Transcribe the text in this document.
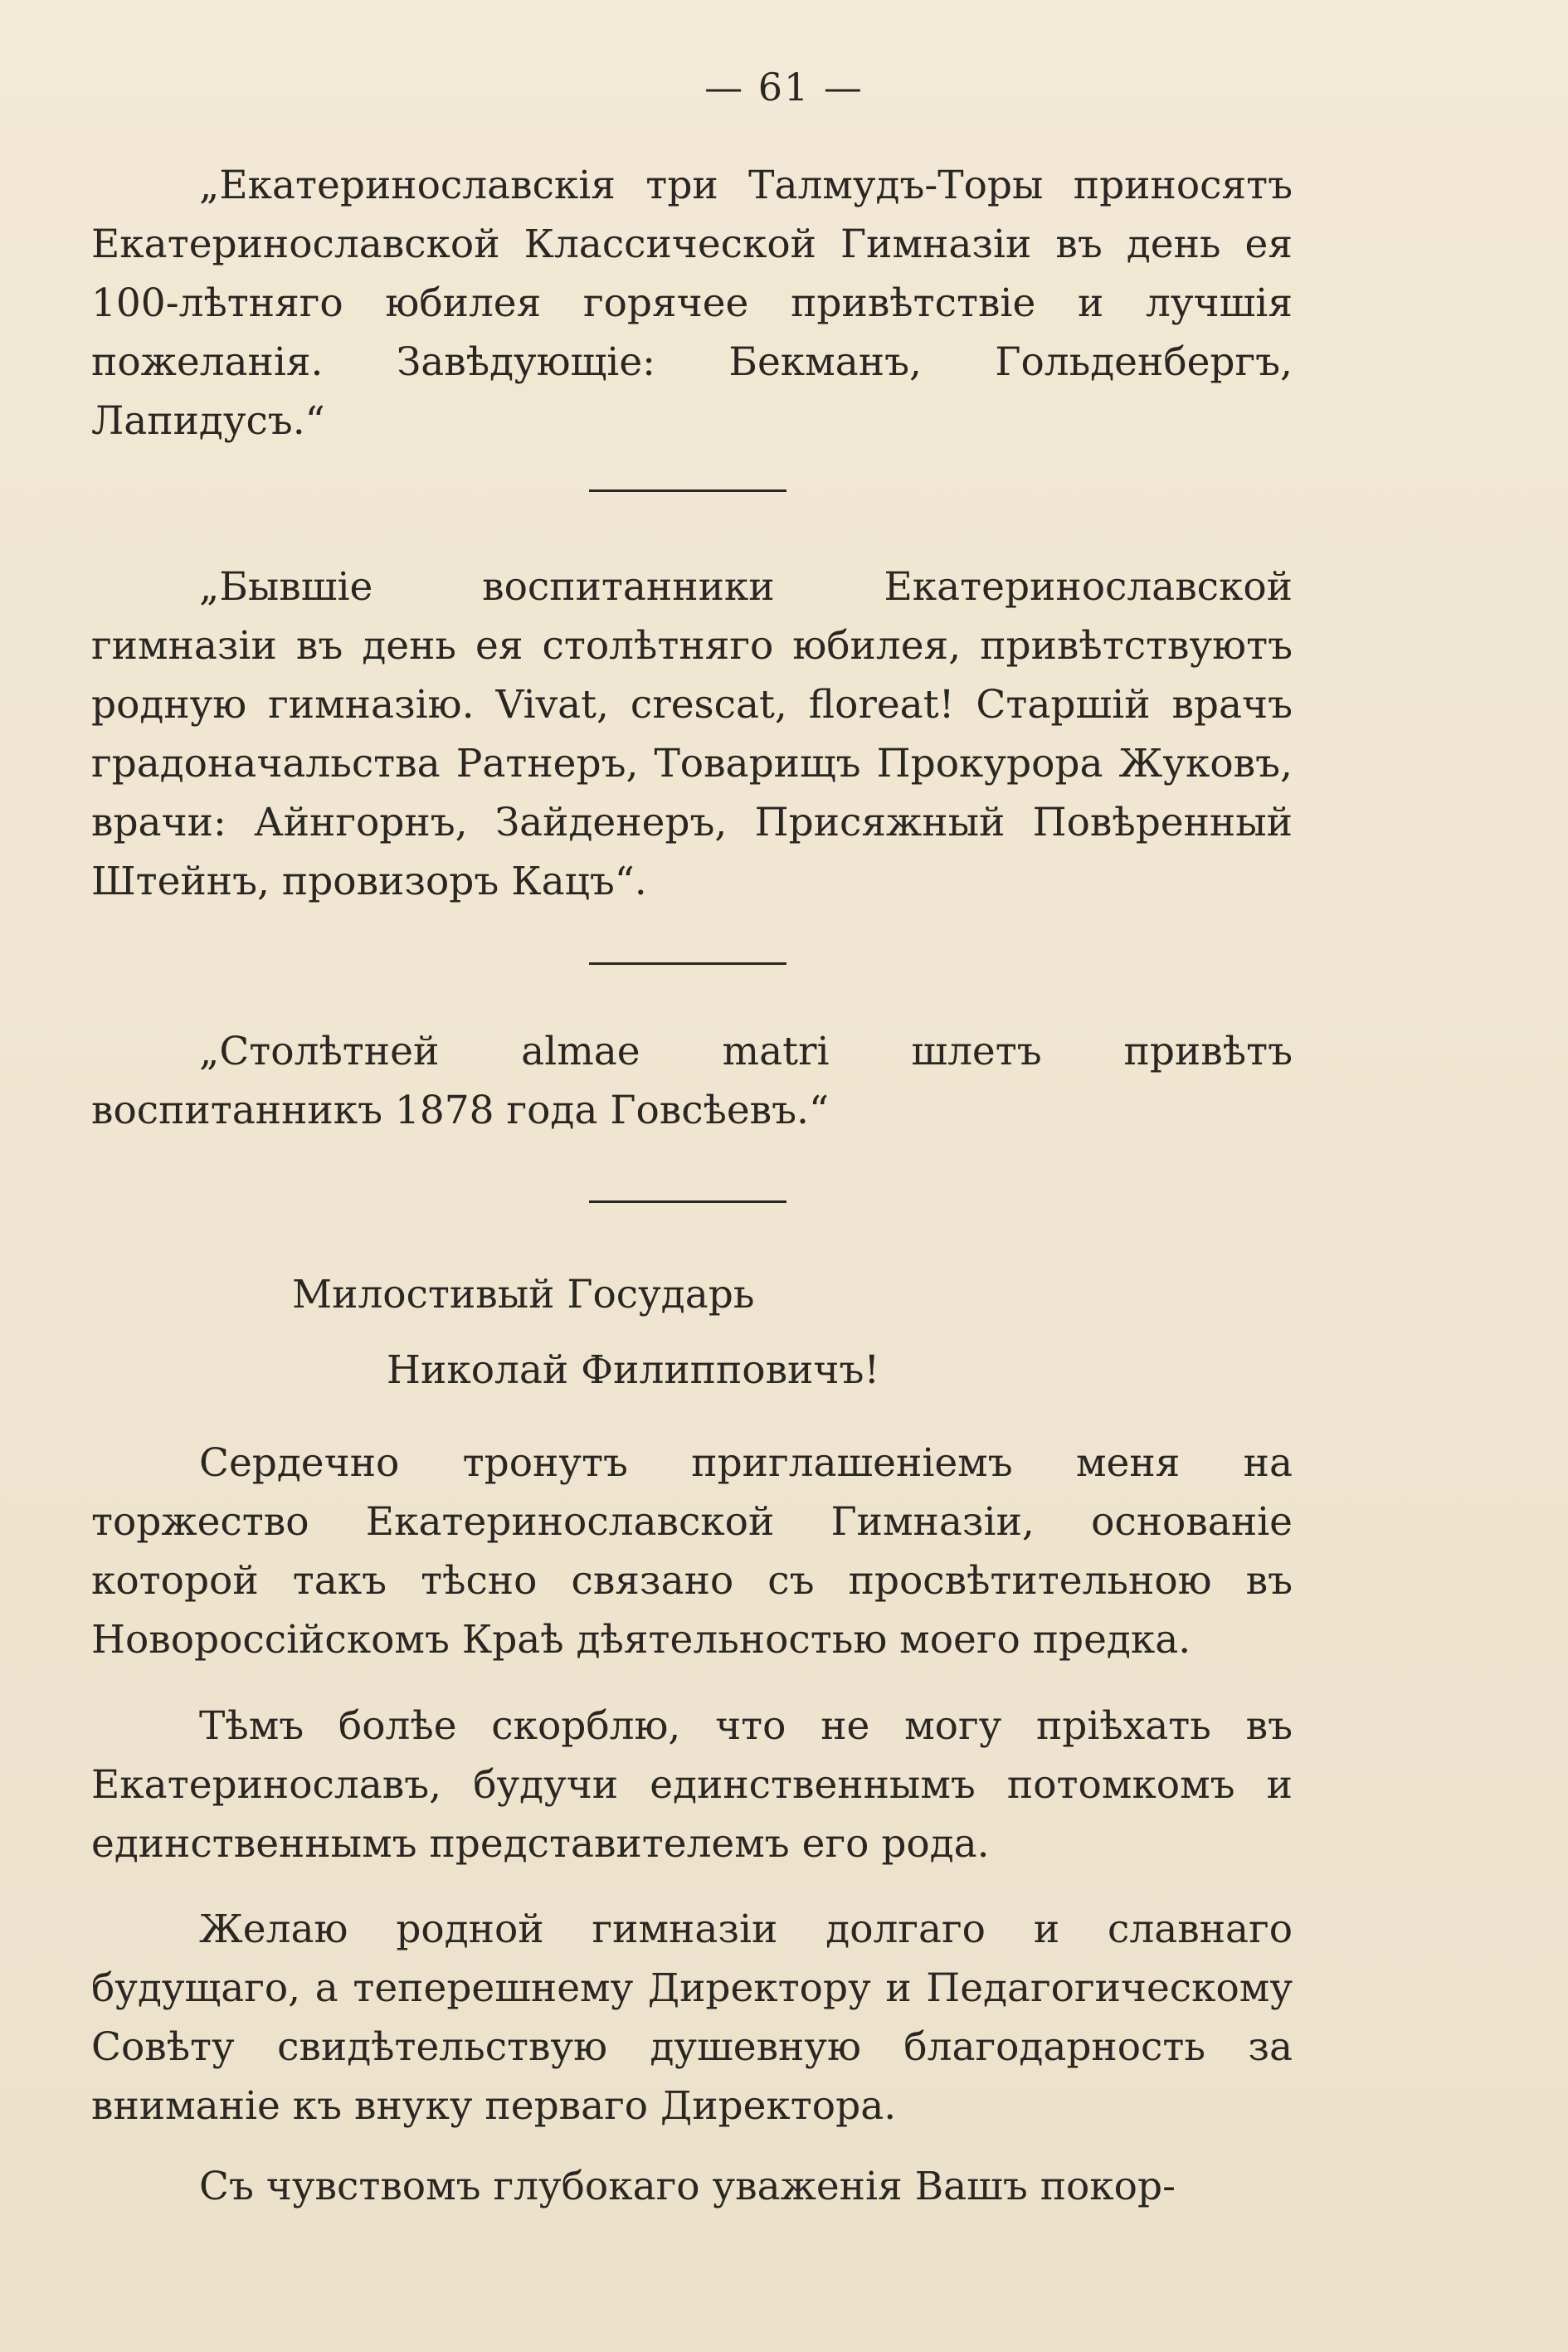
— 61 —

„Екатеринославскія три Талмудъ-Торы приносятъ Екатеринославской Классической Гимназіи въ день ея 100-лѣтняго юбилея горячее привѣтствіе и лучшія пожеланія. Завѣдующіе: Бекманъ, Гольденбергъ, Лапидусъ.“

„Бывшіе воспитанники Екатеринославской гимназіи въ день ея столѣтняго юбилея, привѣтствуютъ родную гимназію. Vivat, crescat, floreat! Старшій врачъ градоначальства Ратнеръ, Товарищъ Прокурора Жуковъ, врачи: Айнгорнъ, Зайденеръ, Присяжный Повѣренный Штейнъ, провизоръ Кацъ“.

„Столѣтней almae matri шлетъ привѣтъ воспитанникъ 1878 года Говсѣевъ.“

Милостивый Государь
Николай Филипповичъ!

Сердечно тронутъ приглашеніемъ меня на торжество Екатеринославской Гимназіи, основаніе которой такъ тѣсно связано съ просвѣтительною въ Новороссійскомъ Краѣ дѣятельностью моего предка.

Тѣмъ болѣе скорблю, что не могу пріѣхать въ Екатеринославъ, будучи единственнымъ потомкомъ и единственнымъ представителемъ его рода.

Желаю родной гимназіи долгаго и славнаго будущаго, а теперешнему Директору и Педагогическому Совѣту свидѣтельствую душевную благодарность за вниманіе къ внуку перваго Директора.

Съ чувствомъ глубокаго уваженія Вашъ покор-
